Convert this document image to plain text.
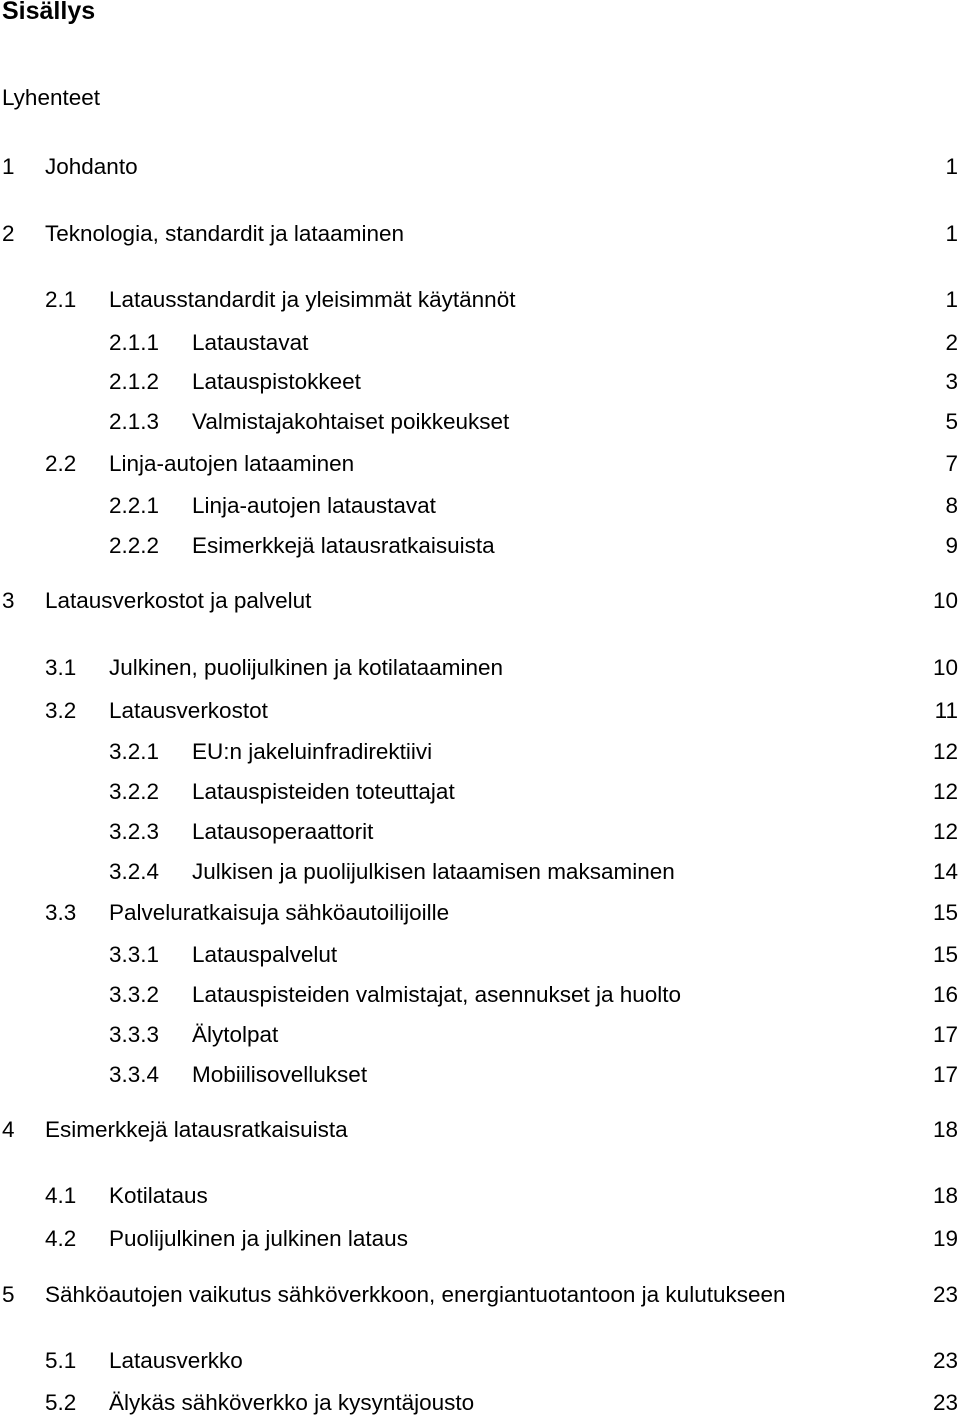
Sisällys
Lyhenteet
1 Johdanto	1
2 Teknologia, standardit ja lataaminen	1
2.1 Latausstandardit ja yleisimmät käytännöt	1
2.1.1 Lataustavat	2
2.1.2 Latauspistokkeet	3
2.1.3 Valmistajakohtaiset poikkeukset	5
2.2 Linja-autojen lataaminen	7
2.2.1 Linja-autojen lataustavat	8
2.2.2 Esimerkkejä latausratkaisuista	9
3 Latausverkostot ja palvelut	10
3.1 Julkinen, puolijulkinen ja kotilataaminen	10
3.2 Latausverkostot	11
3.2.1 EU:n jakeluinfradirektiivi	12
3.2.2 Latauspisteiden toteuttajat	12
3.2.3 Latausoperaattorit	12
3.2.4 Julkisen ja puolijulkisen lataamisen maksaminen	14
3.3 Palveluratkaisuja sähköautoilijoille	15
3.3.1 Latauspalvelut	15
3.3.2 Latauspisteiden valmistajat, asennukset ja huolto	16
3.3.3 Älytolpat	17
3.3.4 Mobiilisovellukset	17
4 Esimerkkejä latausratkaisuista	18
4.1 Kotilataus	18
4.2 Puolijulkinen ja julkinen lataus	19
5 Sähköautojen vaikutus sähköverkkoon, energiantuotantoon ja kulutukseen	23
5.1 Latausverkko	23
5.2 Älykäs sähköverkko ja kysyntäjousto	23
